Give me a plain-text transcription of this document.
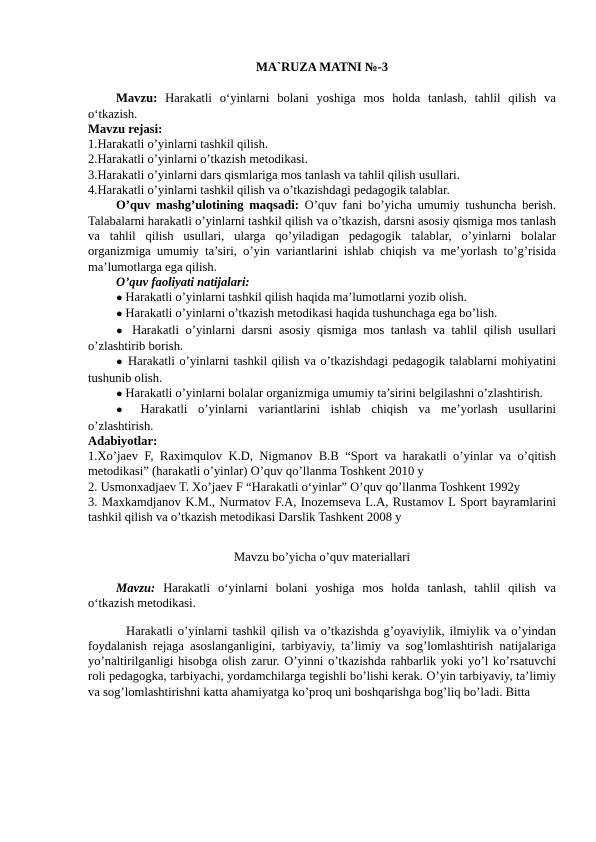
MA`RUZA MATNI №-3

Mavzu: Harakatli o‘yinlarni bolani yoshiga mos holda tanlash, tahlil qilish va o‘tkazish.

Mavzu rejasi:

1.Harakatli o’yinlarni tashkil qilish.

2.Harakatli o’yinlarni o’tkazish metodikasi.

3.Harakatli o’yinlarni dars qismlariga mos tanlash va tahlil qilish usullari.

4.Harakatli o’yinlarni tashkil qilish va o’tkazishdagi pedagogik talablar.

O’quv mashg’ulotining maqsadi: O’quv fani bo’yicha umumiy tushuncha berish. Talabalarni harakatli o’yinlarni tashkil qilish va o’tkazish, darsni asosiy qismiga mos tanlash va tahlil qilish usullari, ularga qo’yiladigan pedagogik talablar, o’yinlarni bolalar organizmiga umumiy ta’siri, o’yin variantlarini ishlab chiqish va me’yorlash to’g’risida ma’lumotlarga ega qilish.

O’quv faoliyati natijalari:

● Harakatli o’yinlarni tashkil qilish haqida ma’lumotlarni yozib olish.

● Harakatli o’yinlarni o’tkazish metodikasi haqida tushunchaga ega bo’lish.

● Harakatli o’yinlarni darsni asosiy qismiga mos tanlash va tahlil qilish usullari o’zlashtirib borish.

● Harakatli o’yinlarni tashkil qilish va o’tkazishdagi pedagogik talablarni mohiyatini tushunib olish.

● Harakatli o’yinlarni bolalar organizmiga umumiy ta’sirini belgilashni o’zlashtirish.

● Harakatli o’yinlarni variantlarini ishlab chiqish va me’yorlash usullarini o’zlashtirish.

Adabiyotlar:

1.Xo’jaev F, Raximqulov K.D, Nigmanov B.B “Sport va harakatli o’yinlar va o’qitish metodikasi” (harakatli o’yinlar) O’quv qo’llanma Toshkent 2010 y

2. Usmonxadjaev T. Xo’jaev F “Harakatli o‘yinlar” O’quv qo’llanma Toshkent 1992y

3. Maxkamdjanov K.M., Nurmatov F.A, Inozemseva L.A, Rustamov L Sport bayramlarini tashkil qilish va o’tkazish metodikasi Darslik Tashkent 2008 y

Mavzu bo’yicha o’quv materiallari

Mavzu: Harakatli o‘yinlarni bolani yoshiga mos holda tanlash, tahlil qilish va o‘tkazish metodikasi.

Harakatli o’yinlarni tashkil qilish va o’tkazishda g’oyaviylik, ilmiylik va o’yindan foydalanish rejaga asoslanganligini, tarbiyaviy, ta’limiy va sog’lomlashtirish natijalariga yo’naltirilganligi hisobga olish zarur. O’yinni o’tkazishda rahbarlik yoki yo’l ko’rsatuvchi roli pedagogka, tarbiyachi, yordamchilarga tegishli bo’lishi kerak. O’yin tarbiyaviy, ta’limiy va sog’lomlashtirishni katta ahamiyatga ko’proq uni boshqarishga bog’liq bo’ladi. Bitta
